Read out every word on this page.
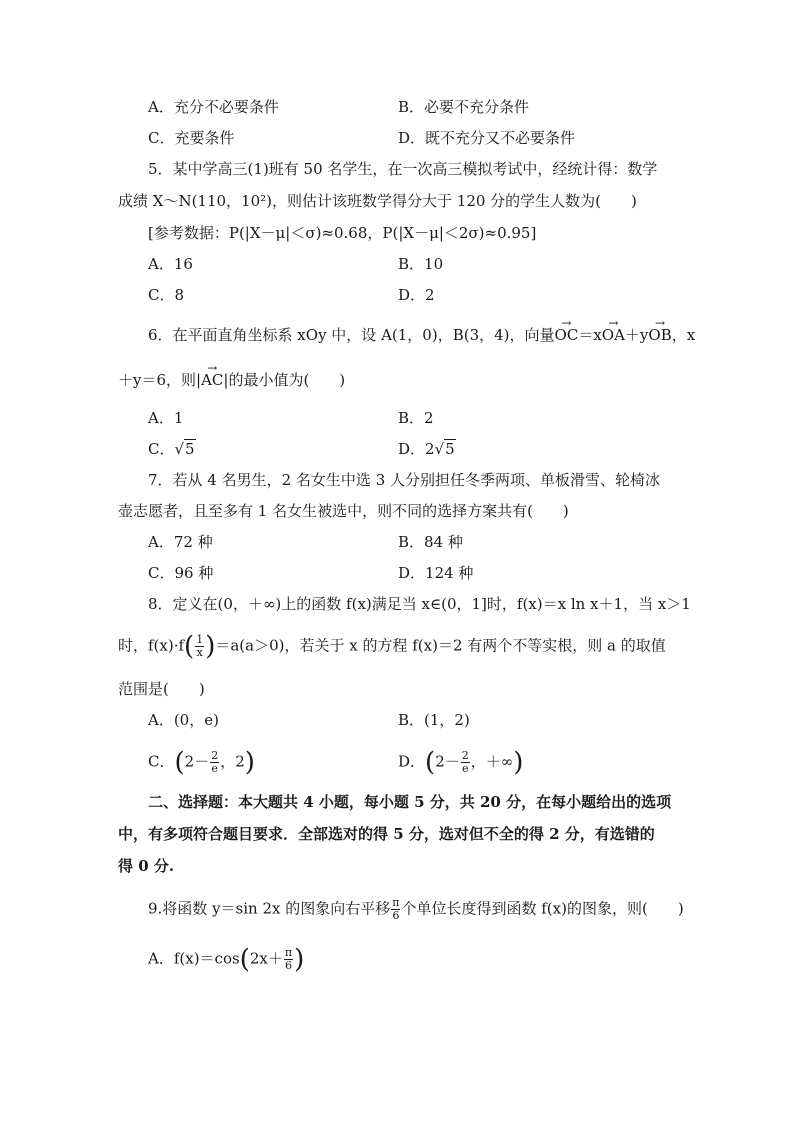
A．充分不必要条件	B．必要不充分条件
C．充要条件	D．既不充分又不必要条件
5．某中学高三(1)班有 50 名学生，在一次高三模拟考试中，经统计得：数学
成绩 X～N(110，10²)，则估计该班数学得分大于 120 分的学生人数为(　　)
[参考数据：P(|X－μ|＜σ)≈0.68，P(|X－μ|＜2σ)≈0.95]
A．16	B．10
C．8	D．2
6．在平面直角坐标系 xOy 中，设 A(1，0)，B(3，4)，向量→ OC＝x→ OA＋y→ OB，x
＋y＝6，则|→ AC|的最小值为(　　)
A．1	B．2
C．√5	D．2√5
7．若从 4 名男生，2 名女生中选 3 人分别担任冬季两项、单板滑雪、轮椅冰
壶志愿者，且至多有 1 名女生被选中，则不同的选择方案共有(　　)
A．72 种	B．84 种
C．96 种	D．124 种
8．定义在(0，＋∞)上的函数 f(x)满足当 x∈(0，1]时，f(x)＝x ln x＋1，当 x＞1
时，$f(x)\cdot f( \frac{1}{x} )=a(a>0)$，若关于 x 的方程 f(x)＝2 有两个不等实根，则 a 的取值
范围是(　　)
A．(0，e)	B．(1，2)
C．($2- \frac{2}{e}$ ，2)	D．($2- \frac{2}{e}$ ，＋∞)
二、选择题：本大题共 4 小题，每小题 5 分，共 20 分，在每小题给出的选项
中，有多项符合题目要求．全部选对的得 5 分，选对但不全的得 2 分，有选错的
得 0 分.
9.将函数 y＝sin 2x 的图象向右平移 $\frac{\pi}{6}$ 个单位长度得到函数 f(x)的图象，则(　　)
A．$f(x)=\cos(2x+ \frac{\pi}{6}$ )
